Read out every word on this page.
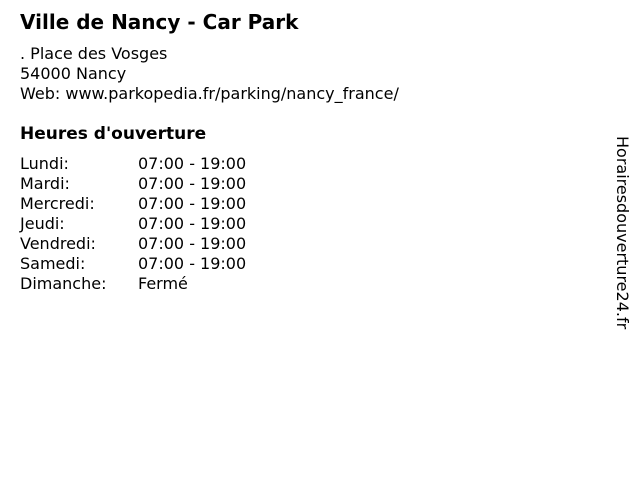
Ville de Nancy - Car Park
. Place des Vosges
54000 Nancy
Web: www.parkopedia.fr/parking/nancy_france/
Heures d'ouverture
Lundi:	07:00 - 19:00
Mardi:	07:00 - 19:00
Mercredi:	07:00 - 19:00
Jeudi:	07:00 - 19:00
Vendredi:	07:00 - 19:00
Samedi:	07:00 - 19:00
Dimanche:	Fermé	Horairesdouverture24.fr
